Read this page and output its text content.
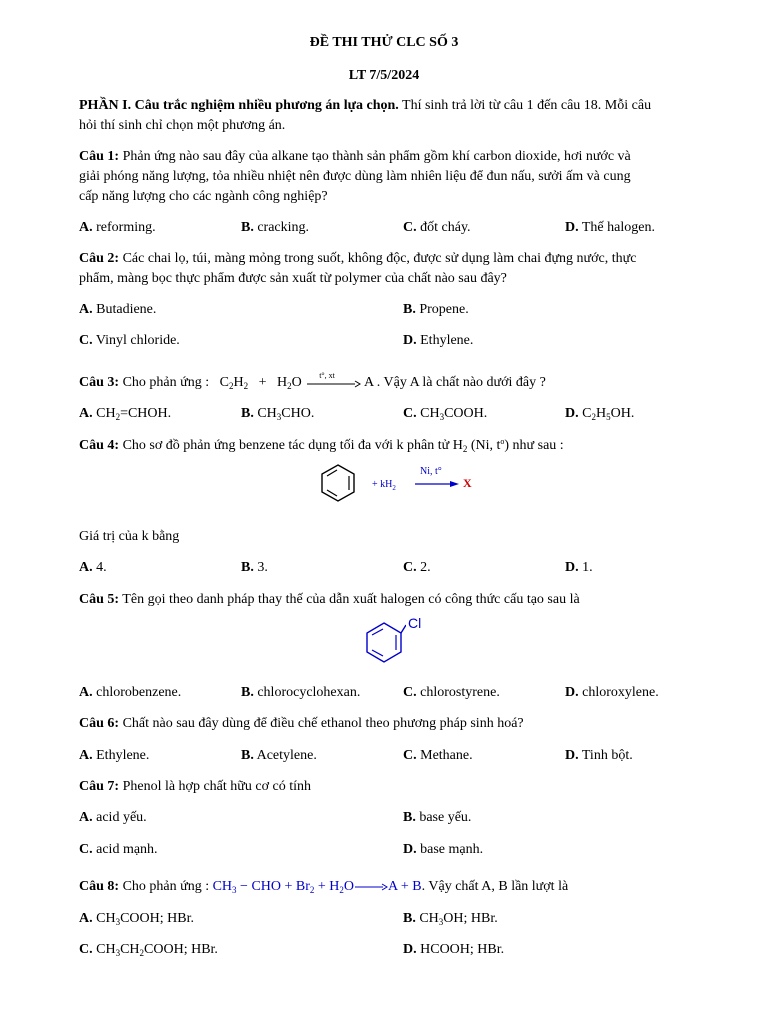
ĐỀ THI THỬ CLC SỐ 3
LT 7/5/2024
PHẦN I. Câu trắc nghiệm nhiều phương án lựa chọn. Thí sinh trả lời từ câu 1 đến câu 18. Mỗi câu
hỏi thí sinh chỉ chọn một phương án.
Câu 1: Phản ứng nào sau đây của alkane tạo thành sản phẩm gồm khí carbon dioxide, hơi nước và
giải phóng năng lượng, tỏa nhiều nhiệt nên được dùng làm nhiên liệu để đun nấu, sưởi ấm và cung
cấp năng lượng cho các ngành công nghiệp?
A. reforming.	B. cracking.	C. đốt cháy.	D. Thế halogen.
Câu 2: Các chai lọ, túi, màng mỏng trong suốt, không độc, được sử dụng làm chai đựng nước, thực
phẩm, màng bọc thực phẩm được sản xuất từ polymer của chất nào sau đây?
A. Butadiene.	B. Propene.
C. Vinyl chloride.	D. Ethylene.
Câu 3: Cho phản ứng : $C_2H_2 + H_2O$ t°, xt A . Vậy A là chất nào dưới đây ?
A. $CH_2=CHOH$.	B. $CH_3CHO$.	C. $CH_3COOH$.	D. $C_2H_5OH$.
Câu 4: Cho sơ đồ phản ứng benzene tác dụng tối đa với k phân tử $H_2$ (Ni, $t^o$) như sau :
+ $kH_2$
Ni, t°
X
Giá trị của k bằng
A. 4.	B. 3.	C. 2.	D. 1.
Câu 5: Tên gọi theo danh pháp thay thế của dẫn xuất halogen có công thức cấu tạo sau là
Cl
A. chlorobenzene.	B. chlorocyclohexan.	C. chlorostyrene.	D. chloroxylene.
Câu 6: Chất nào sau đây dùng để điều chế ethanol theo phương pháp sinh hoá?
A. Ethylene.	B. Acetylene.	C. Methane.	D. Tinh bột.
Câu 7: Phenol là hợp chất hữu cơ có tính
A. acid yếu.	B. base yếu.
C. acid mạnh.	D. base mạnh.
Câu 8: Cho phản ứng : $CH_3$ − CHO + $Br_2 + H_2O\to A + B$. Vậy chất A, B lần lượt là
A. $CH_3COOH$; HBr.	B. $CH_3OH$; HBr.
C. $CH_3CH_2COOH$; HBr.	D. HCOOH; HBr.
